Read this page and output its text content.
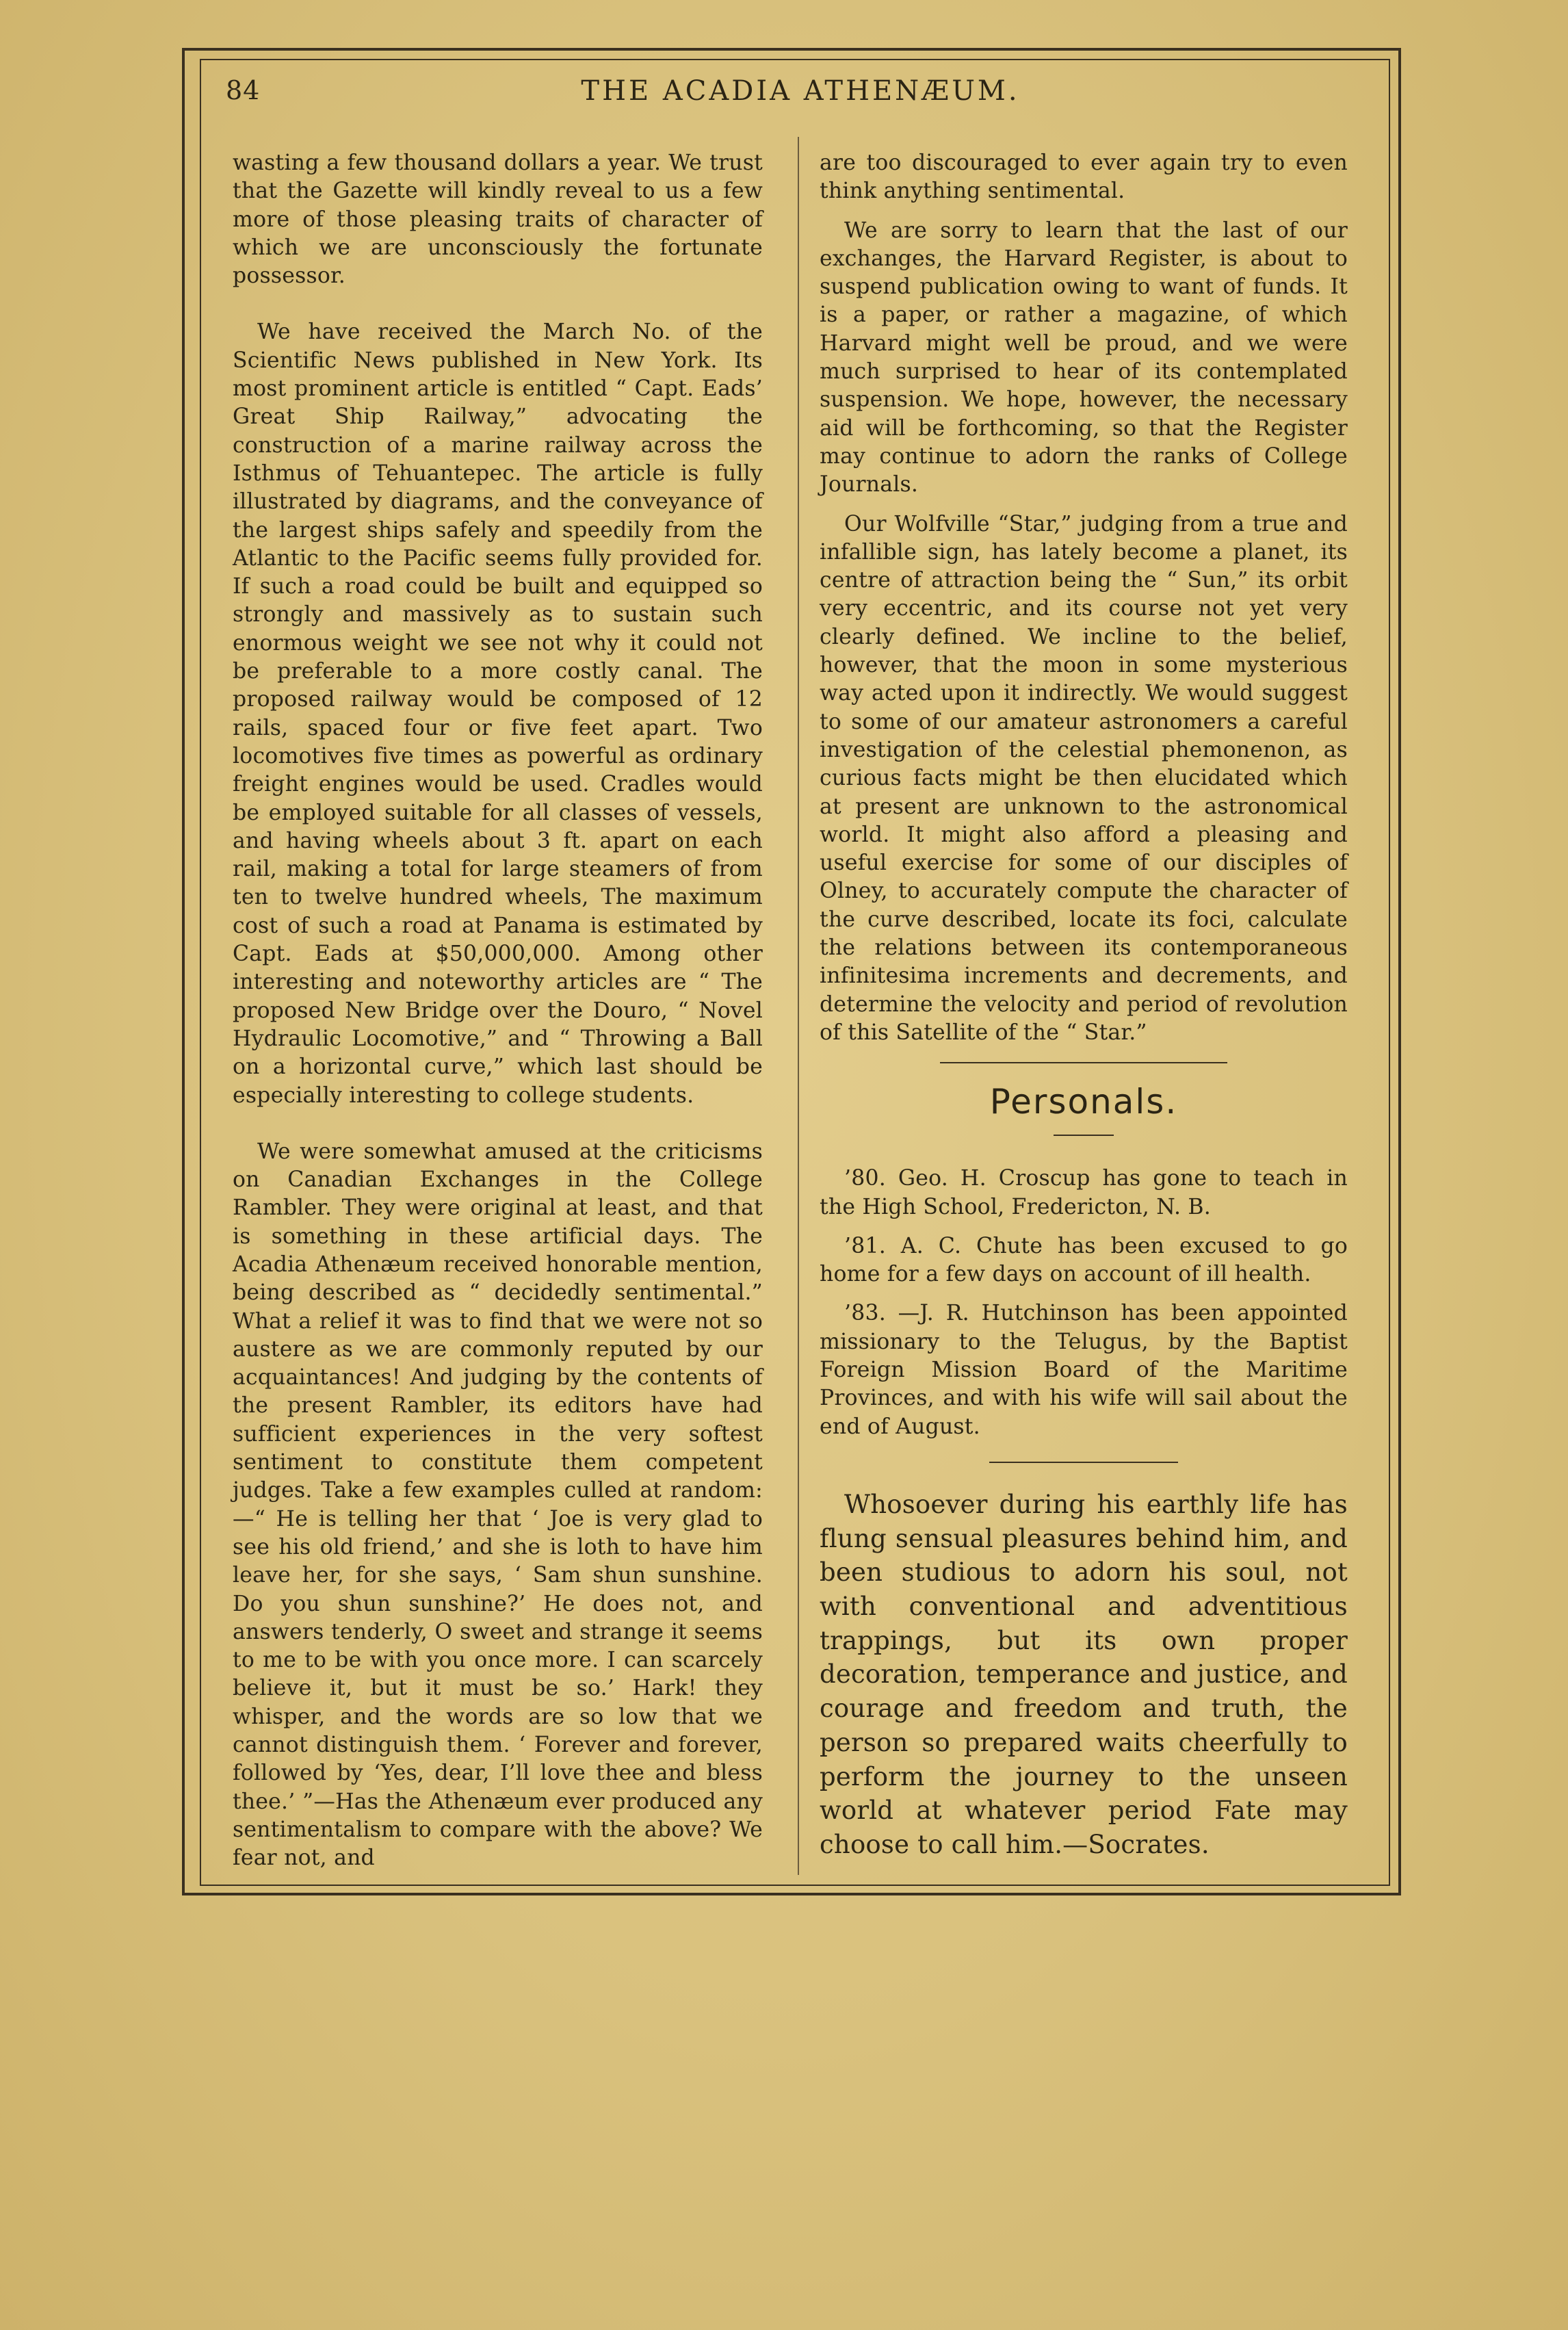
84	THE ACADIA ATHENÆUM.

wasting a few thousand dollars a year. We trust that the Gazette will kindly reveal to us a few more of those pleasing traits of character of which we are unconsciously the fortunate possessor.

We have received the March No. of the Scientific News published in New York. Its most prominent article is entitled “ Capt. Eads’ Great Ship Railway,” advocating the construction of a marine railway across the Isthmus of Tehuantepec. The article is fully illustrated by diagrams, and the conveyance of the largest ships safely and speedily from the Atlantic to the Pacific seems fully provided for. If such a road could be built and equipped so strongly and massively as to sustain such enormous weight we see not why it could not be preferable to a more costly canal. The proposed railway would be composed of 12 rails, spaced four or five feet apart. Two locomotives five times as powerful as ordinary freight engines would be used. Cradles would be employed suitable for all classes of vessels, and having wheels about 3 ft. apart on each rail, making a total for large steamers of from ten to twelve hundred wheels, The maximum cost of such a road at Panama is estimated by Capt. Eads at $50,000,000. Among other interesting and noteworthy articles are “ The proposed New Bridge over the Douro, “ Novel Hydraulic Locomotive,” and “ Throwing a Ball on a horizontal curve,” which last should be especially interesting to college students.

We were somewhat amused at the criticisms on Canadian Exchanges in the College Rambler. They were original at least, and that is something in these artificial days. The Acadia Athenæum received honorable mention, being described as “ decidedly sentimental.” What a relief it was to find that we were not so austere as we are commonly reputed by our acquaintances! And judging by the contents of the present Rambler, its editors have had sufficient experiences in the very softest sentiment to constitute them competent judges. Take a few examples culled at random:—“ He is telling her that ‘ Joe is very glad to see his old friend,’ and she is loth to have him leave her, for she says, ‘ Sam shun sunshine. Do you shun sunshine?’ He does not, and answers tenderly, O sweet and strange it seems to me to be with you once more. I can scarcely believe it, but it must be so.’ Hark! they whisper, and the words are so low that we cannot distinguish them. ‘ Forever and forever, followed by ‘Yes, dear, I’ll love thee and bless thee.’ ”—Has the Athenæum ever produced any sentimentalism to compare with the above? We fear not, and

are too discouraged to ever again try to even think anything sentimental.

We are sorry to learn that the last of our exchanges, the Harvard Register, is about to suspend publication owing to want of funds. It is a paper, or rather a magazine, of which Harvard might well be proud, and we were much surprised to hear of its contemplated suspension. We hope, however, the necessary aid will be forthcoming, so that the Register may continue to adorn the ranks of College Journals.

Our Wolfville “Star,” judging from a true and infallible sign, has lately become a planet, its centre of attraction being the “ Sun,” its orbit very eccentric, and its course not yet very clearly defined. We incline to the belief, however, that the moon in some mysterious way acted upon it indirectly. We would suggest to some of our amateur astronomers a careful investigation of the celestial phemonenon, as curious facts might be then elucidated which at present are unknown to the astronomical world. It might also afford a pleasing and useful exercise for some of our disciples of Olney, to accurately compute the character of the curve described, locate its foci, calculate the relations between its contemporaneous infinitesima increments and decrements, and determine the velocity and period of revolution of this Satellite of the “ Star.”

Personals.

’80. Geo. H. Croscup has gone to teach in the High School, Fredericton, N. B.

’81. A. C. Chute has been excused to go home for a few days on account of ill health.

’83. —J. R. Hutchinson has been appointed missionary to the Telugus, by the Baptist Foreign Mission Board of the Maritime Provinces, and with his wife will sail about the end of August.

Whosoever during his earthly life has flung sensual pleasures behind him, and been studious to adorn his soul, not with conventional and adventitious trappings, but its own proper decoration, temperance and justice, and courage and freedom and truth, the person so prepared waits cheerfully to perform the journey to the unseen world at whatever period Fate may choose to call him.—Socrates.
